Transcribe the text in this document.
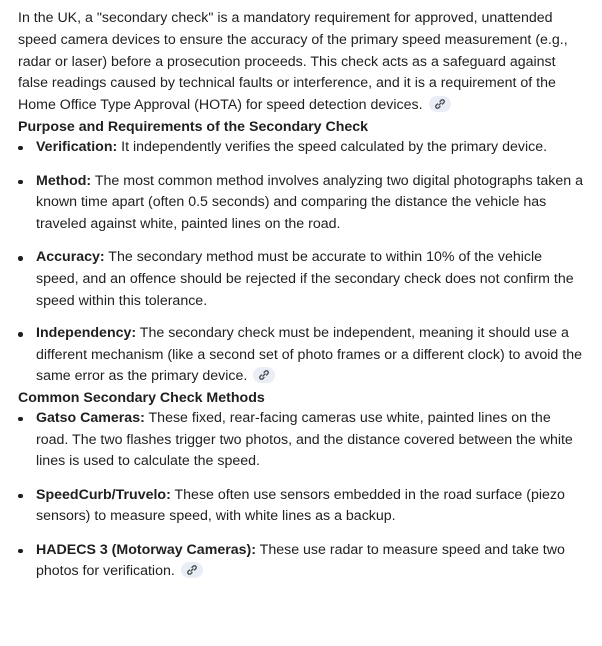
In the UK, a "secondary check" is a mandatory requirement for approved, unattended speed camera devices to ensure the accuracy of the primary speed measurement (e.g., radar or laser) before a prosecution proceeds. This check acts as a safeguard against false readings caused by technical faults or interference, and it is a requirement of the Home Office Type Approval (HOTA) for speed detection devices.

Purpose and Requirements of the Secondary Check
Verification: It independently verifies the speed calculated by the primary device.
Method: The most common method involves analyzing two digital photographs taken a known time apart (often 0.5 seconds) and comparing the distance the vehicle has traveled against white, painted lines on the road.
Accuracy: The secondary method must be accurate to within 10% of the vehicle speed, and an offence should be rejected if the secondary check does not confirm the speed within this tolerance.
Independency: The secondary check must be independent, meaning it should use a different mechanism (like a second set of photo frames or a different clock) to avoid the same error as the primary device.
Common Secondary Check Methods
Gatso Cameras: These fixed, rear-facing cameras use white, painted lines on the road. The two flashes trigger two photos, and the distance covered between the white lines is used to calculate the speed.
SpeedCurb/Truvelo: These often use sensors embedded in the road surface (piezo sensors) to measure speed, with white lines as a backup.
HADECS 3 (Motorway Cameras): These use radar to measure speed and take two photos for verification.
